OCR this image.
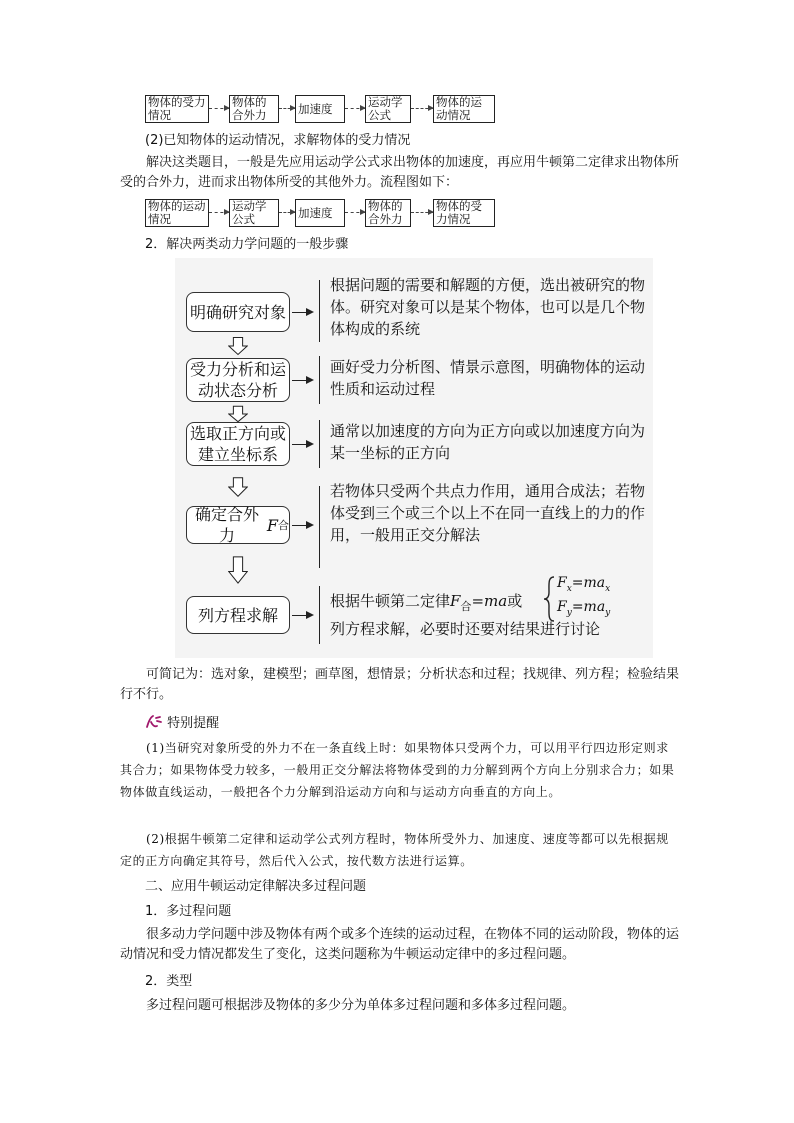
物体的受力情况
物体的合外力	加速度	运动学公式
物体的运动情况
(2)已知物体的运动情况，求解物体的受力情况
解决这类题目，一般是先应用运动学公式求出物体的加速度，再应用牛顿第二定律求出物体所受的合外力，进而求出物体所受的其他外力。流程图如下：
物体的运动情况
运动学公式	加速度	物体的合外力
物体的受力情况
2．解决两类动力学问题的一般步骤
明确研究对象
根据问题的需要和解题的方便，选出被研究的物体。研究对象可以是某个物体，也可以是几个物体构成的系统
受力分析和运动状态分析
画好受力分析图、情景示意图，明确物体的运动性质和运动过程
选取正方向或建立坐标系
通常以加速度的方向为正方向或以加速度方向为某一坐标的正方向
确定合外力
F 合
若物体只受两个共点力作用，通用合成法；若物体受到三个或三个以上不在同一直线上的力的作用，一般用正交分解法
列方程求解
根据牛顿第二定律$F_合=ma$或
$F_x=ma_x$
$F_y=ma_y$
列方程求解，必要时还要对结果进行讨论
可简记为：选对象，建模型；画草图，想情景；分析状态和过程；找规律、列方程；检验结果行不行。
特别提醒
(1)当研究对象所受的外力不在一条直线上时：如果物体只受两个力，可以用平行四边形定则求其合力；如果物体受力较多，一般用正交分解法将物体受到的力分解到两个方向上分别求合力；如果物体做直线运动，一般把各个力分解到沿运动方向和与运动方向垂直的方向上。
(2)根据牛顿第二定律和运动学公式列方程时，物体所受外力、加速度、速度等都可以先根据规定的正方向确定其符号，然后代入公式，按代数方法进行运算。
二、应用牛顿运动定律解决多过程问题
1．多过程问题
很多动力学问题中涉及物体有两个或多个连续的运动过程，在物体不同的运动阶段，物体的运动情况和受力情况都发生了变化，这类问题称为牛顿运动定律中的多过程问题。
2．类型
多过程问题可根据涉及物体的多少分为单体多过程问题和多体多过程问题。
